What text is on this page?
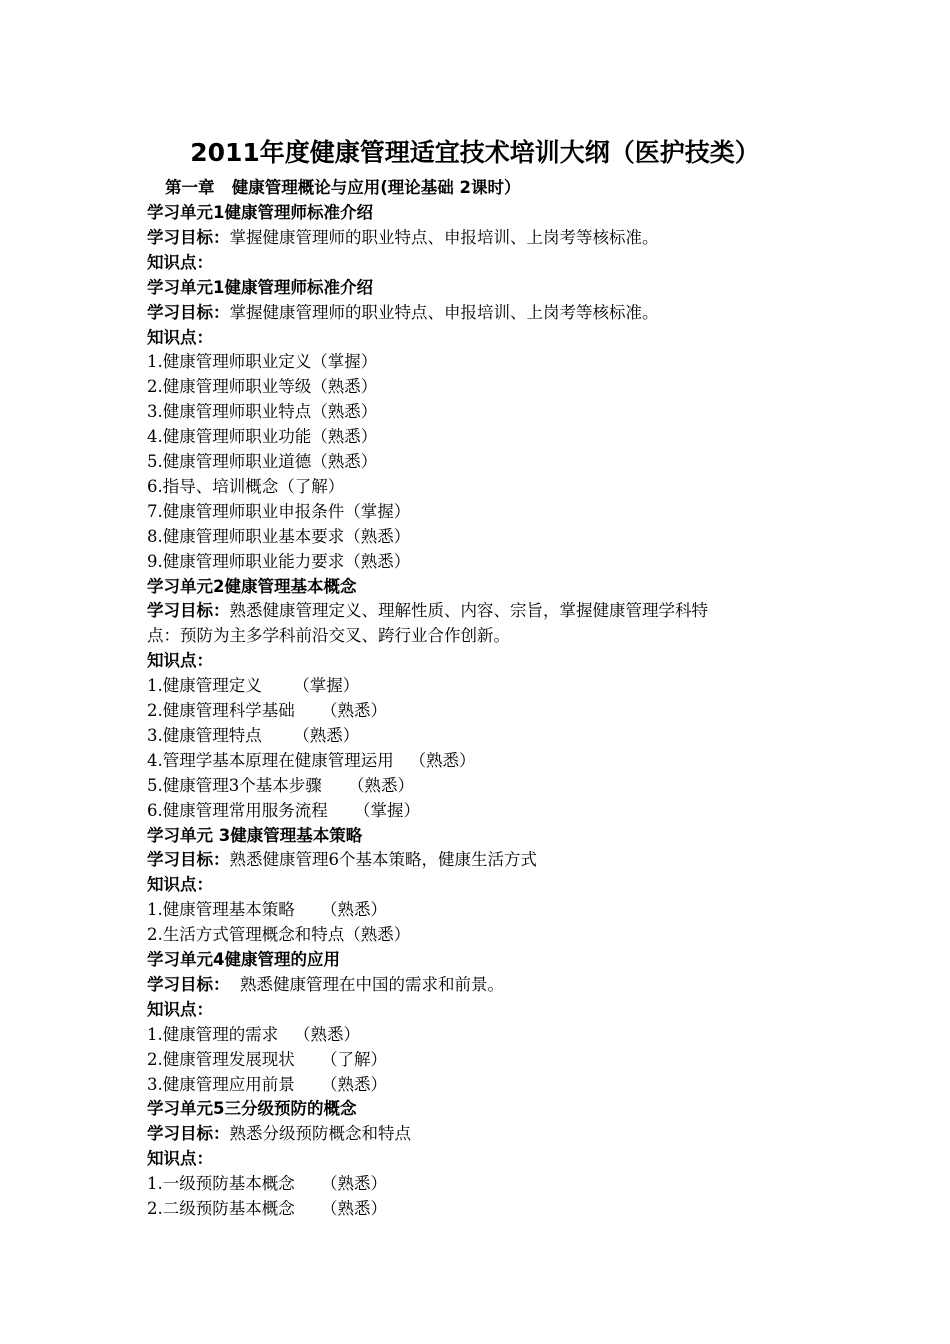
2011年度健康管理适宜技术培训大纲（医护技类）
第一章   健康管理概论与应用(理论基础 2课时）
学习单元1健康管理师标准介绍
学习目标：掌握健康管理师的职业特点、申报培训、上岗考等核标准。
知识点：
学习单元1健康管理师标准介绍
学习目标：掌握健康管理师的职业特点、申报培训、上岗考等核标准。
知识点：
1.健康管理师职业定义（掌握）
2.健康管理师职业等级（熟悉）
3.健康管理师职业特点（熟悉）
4.健康管理师职业功能（熟悉）
5.健康管理师职业道德（熟悉）
6.指导、培训概念（了解）
7.健康管理师职业申报条件（掌握）
8.健康管理师职业基本要求（熟悉）
9.健康管理师职业能力要求（熟悉）
学习单元2健康管理基本概念
学习目标：熟悉健康管理定义、理解性质、内容、宗旨，掌握健康管理学科特
点：预防为主多学科前沿交叉、跨行业合作创新。
知识点：
1.健康管理定义      （掌握）
2.健康管理科学基础     （熟悉）
3.健康管理特点      （熟悉）
4.管理学基本原理在健康管理运用   （熟悉）
5.健康管理3个基本步骤     （熟悉）
6.健康管理常用服务流程     （掌握）
学习单元 3健康管理基本策略
学习目标：熟悉健康管理6个基本策略，健康生活方式
知识点：
1.健康管理基本策略     （熟悉）
2.生活方式管理概念和特点（熟悉）
学习单元4健康管理的应用
学习目标：  熟悉健康管理在中国的需求和前景。
知识点：
1.健康管理的需求   （熟悉）
2.健康管理发展现状     （了解）
3.健康管理应用前景     （熟悉）
学习单元5三分级预防的概念
学习目标：熟悉分级预防概念和特点
知识点：
1.一级预防基本概念     （熟悉）
2.二级预防基本概念     （熟悉）
